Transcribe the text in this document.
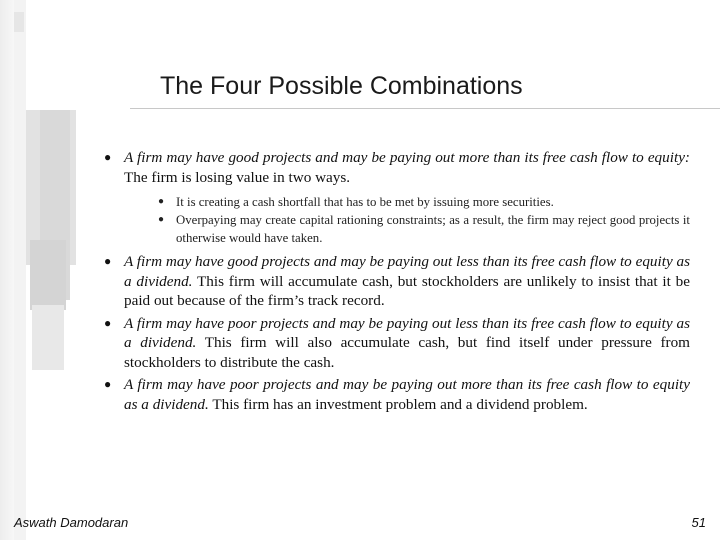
The Four Possible Combinations
● A firm may have good projects and may be paying out more than its free cash flow to equity: The firm is losing value in two ways.
● It is creating a cash shortfall that has to be met by issuing more securities.
● Overpaying may create capital rationing constraints; as a result, the firm may reject good projects it otherwise would have taken.
● A firm may have good projects and may be paying out less than its free cash flow to equity as a dividend. This firm will accumulate cash, but stockholders are unlikely to insist that it be paid out because of the firm’s track record.
● A firm may have poor projects and may be paying out less than its free cash flow to equity as a dividend. This firm will also accumulate cash, but find itself under pressure from stockholders to distribute the cash.
● A firm may have poor projects and may be paying out more than its free cash flow to equity as a dividend. This firm has an investment problem and a dividend problem.
Aswath Damodaran	51
